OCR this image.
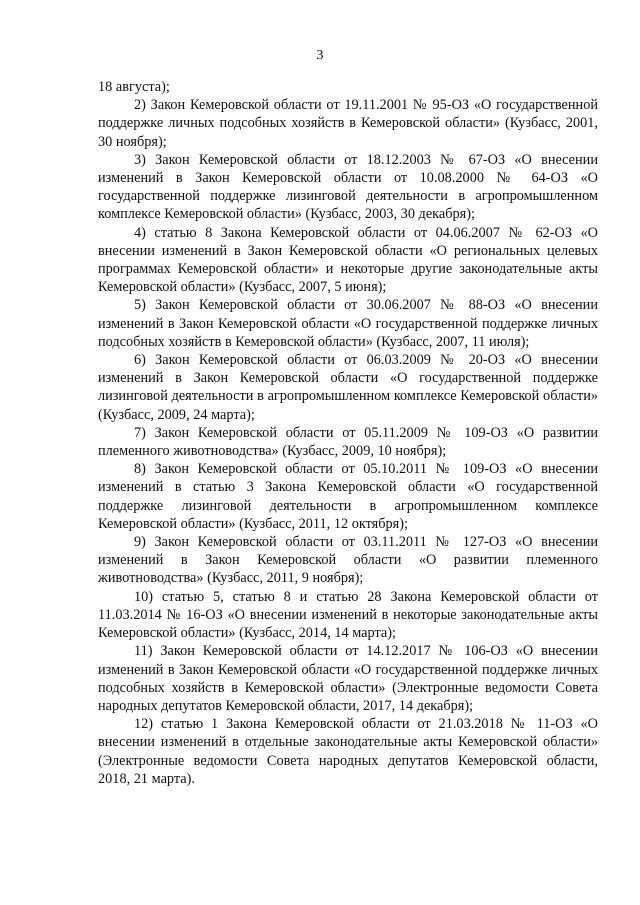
3

18 августа);

2) Закон Кемеровской области от 19.11.2001 № 95-ОЗ «О государственной поддержке личных подсобных хозяйств в Кемеровской области» (Кузбасс, 2001, 30 ноября);

3) Закон Кемеровской области от 18.12.2003 № 67-ОЗ «О внесении изменений в Закон Кемеровской области от 10.08.2000 № 64-ОЗ «О государственной поддержке лизинговой деятельности в агропромышленном комплексе Кемеровской области» (Кузбасс, 2003, 30 декабря);

4) статью 8 Закона Кемеровской области от 04.06.2007 № 62-ОЗ «О внесении изменений в Закон Кемеровской области «О региональных целевых программах Кемеровской области» и некоторые другие законодательные акты Кемеровской области» (Кузбасс, 2007, 5 июня);

5) Закон Кемеровской области от 30.06.2007 № 88-ОЗ «О внесении изменений в Закон Кемеровской области «О государственной поддержке личных подсобных хозяйств в Кемеровской области» (Кузбасс, 2007, 11 июля);

6) Закон Кемеровской области от 06.03.2009 № 20-ОЗ «О внесении изменений в Закон Кемеровской области «О государственной поддержке лизинговой деятельности в агропромышленном комплексе Кемеровской области» (Кузбасс, 2009, 24 марта);

7) Закон Кемеровской области от 05.11.2009 № 109-ОЗ «О развитии племенного животноводства» (Кузбасс, 2009, 10 ноября);

8) Закон Кемеровской области от 05.10.2011 № 109-ОЗ «О внесении изменений в статью 3 Закона Кемеровской области «О государственной поддержке лизинговой деятельности в агропромышленном комплексе Кемеровской области» (Кузбасс, 2011, 12 октября);

9) Закон Кемеровской области от 03.11.2011 № 127-ОЗ «О внесении изменений в Закон Кемеровской области «О развитии племенного животноводства» (Кузбасс, 2011, 9 ноября);

10) статью 5, статью 8 и статью 28 Закона Кемеровской области от 11.03.2014 № 16-ОЗ «О внесении изменений в некоторые законодательные акты Кемеровской области» (Кузбасс, 2014, 14 марта);

11) Закон Кемеровской области от 14.12.2017 № 106-ОЗ «О внесении изменений в Закон Кемеровской области «О государственной поддержке личных подсобных хозяйств в Кемеровской области» (Электронные ведомости Совета народных депутатов Кемеровской области, 2017, 14 декабря);

12) статью 1 Закона Кемеровской области от 21.03.2018 № 11-ОЗ «О внесении изменений в отдельные законодательные акты Кемеровской области» (Электронные ведомости Совета народных депутатов Кемеровской области, 2018, 21 марта).
